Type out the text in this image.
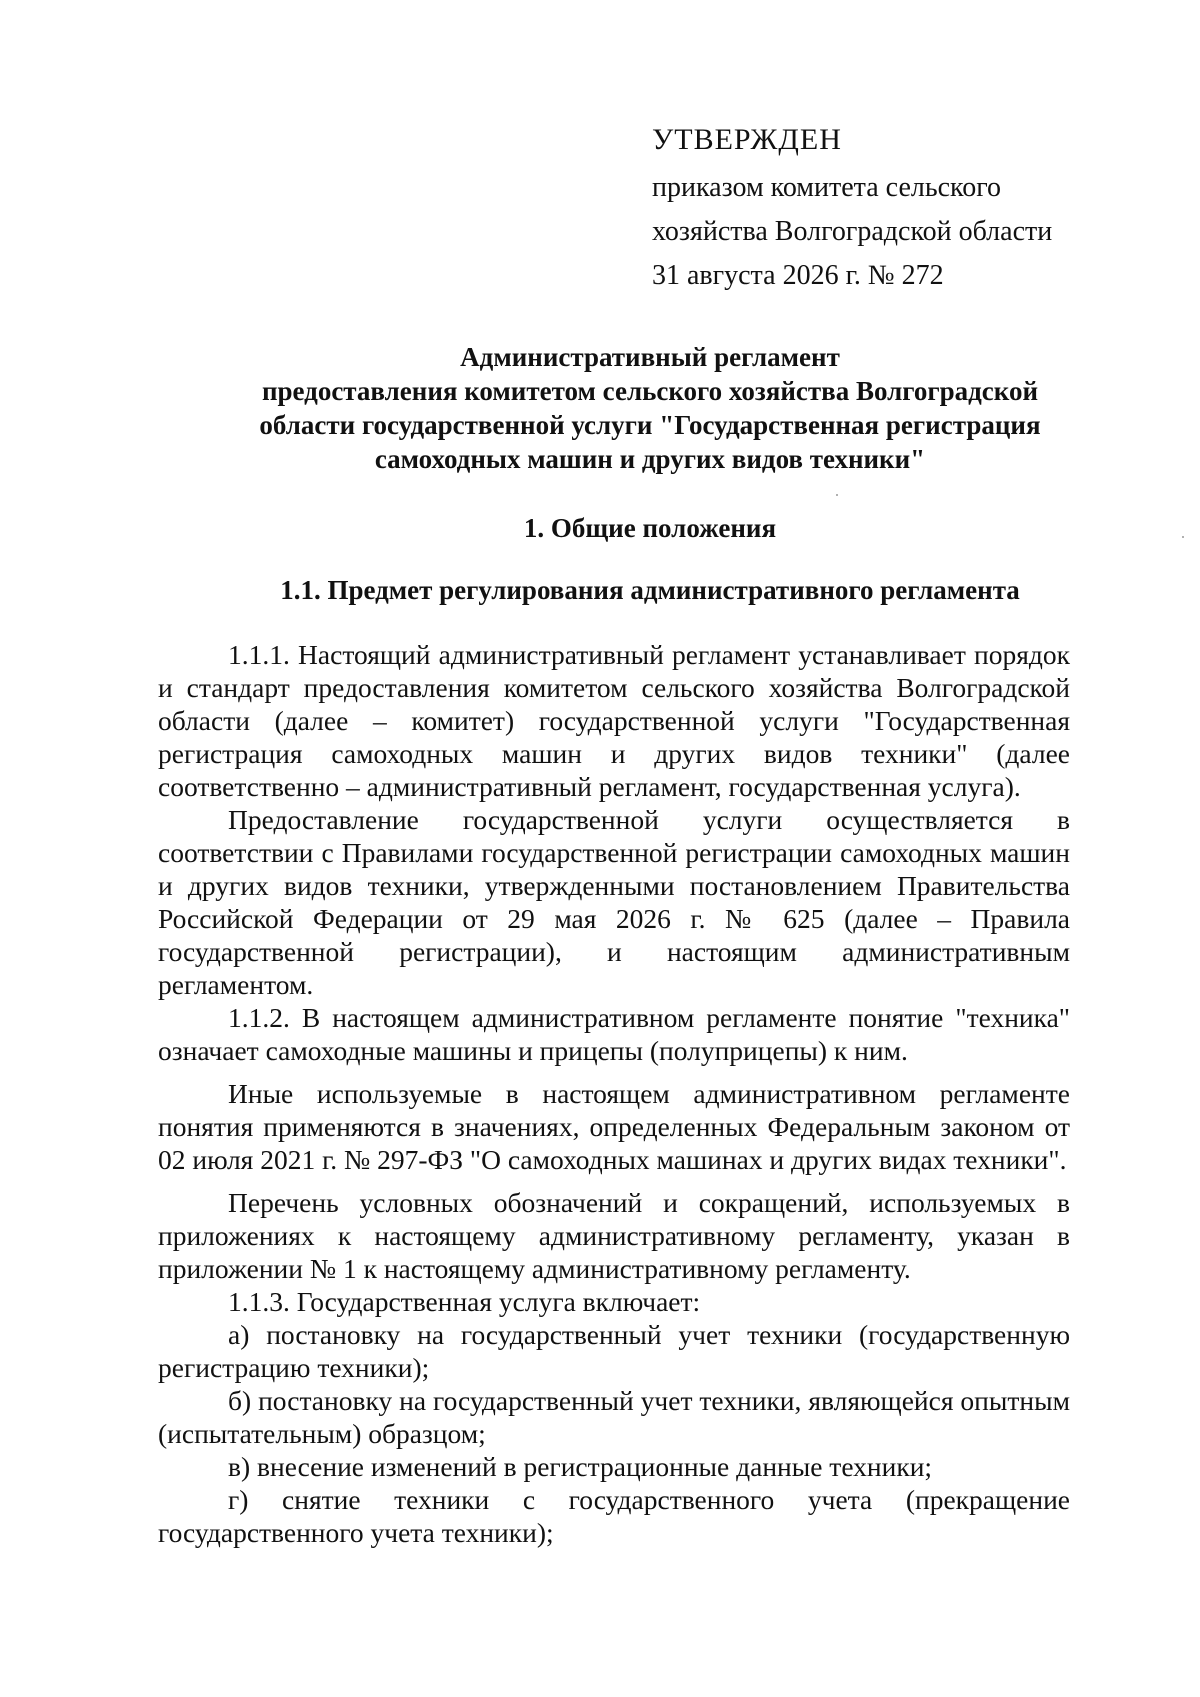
УТВЕРЖДЕН
приказом комитета сельского
хозяйства Волгоградской области
31 августа 2026 г. № 272
Административный регламент
предоставления комитетом сельского хозяйства Волгоградской
области государственной услуги "Государственная регистрация
самоходных машин и других видов техники"
1. Общие положения
1.1. Предмет регулирования административного регламента

1.1.1. Настоящий административный регламент устанавливает порядок и стандарт предоставления комитетом сельского хозяйства Волгоградской области (далее – комитет) государственной услуги "Государственная регистрация самоходных машин и других видов техники" (далее соответственно – административный регламент, государственная услуга).

Предоставление государственной услуги осуществляется в соответствии с Правилами государственной регистрации самоходных машин и других видов техники, утвержденными постановлением Правительства Российской Федерации от 29 мая 2026 г. № 625 (далее – Правила государственной регистрации), и настоящим административным регламентом.

1.1.2. В настоящем административном регламенте понятие "техника" означает самоходные машины и прицепы (полуприцепы) к ним.

Иные используемые в настоящем административном регламенте понятия применяются в значениях, определенных Федеральным законом от 02 июля 2021 г. № 297-ФЗ "О самоходных машинах и других видах техники".

Перечень условных обозначений и сокращений, используемых в приложениях к настоящему административному регламенту, указан в приложении № 1 к настоящему административному регламенту.

1.1.3. Государственная услуга включает:

а) постановку на государственный учет техники (государственную регистрацию техники);

б) постановку на государственный учет техники, являющейся опытным (испытательным) образцом;

в) внесение изменений в регистрационные данные техники;

г) снятие техники с государственного учета (прекращение государственного учета техники);
